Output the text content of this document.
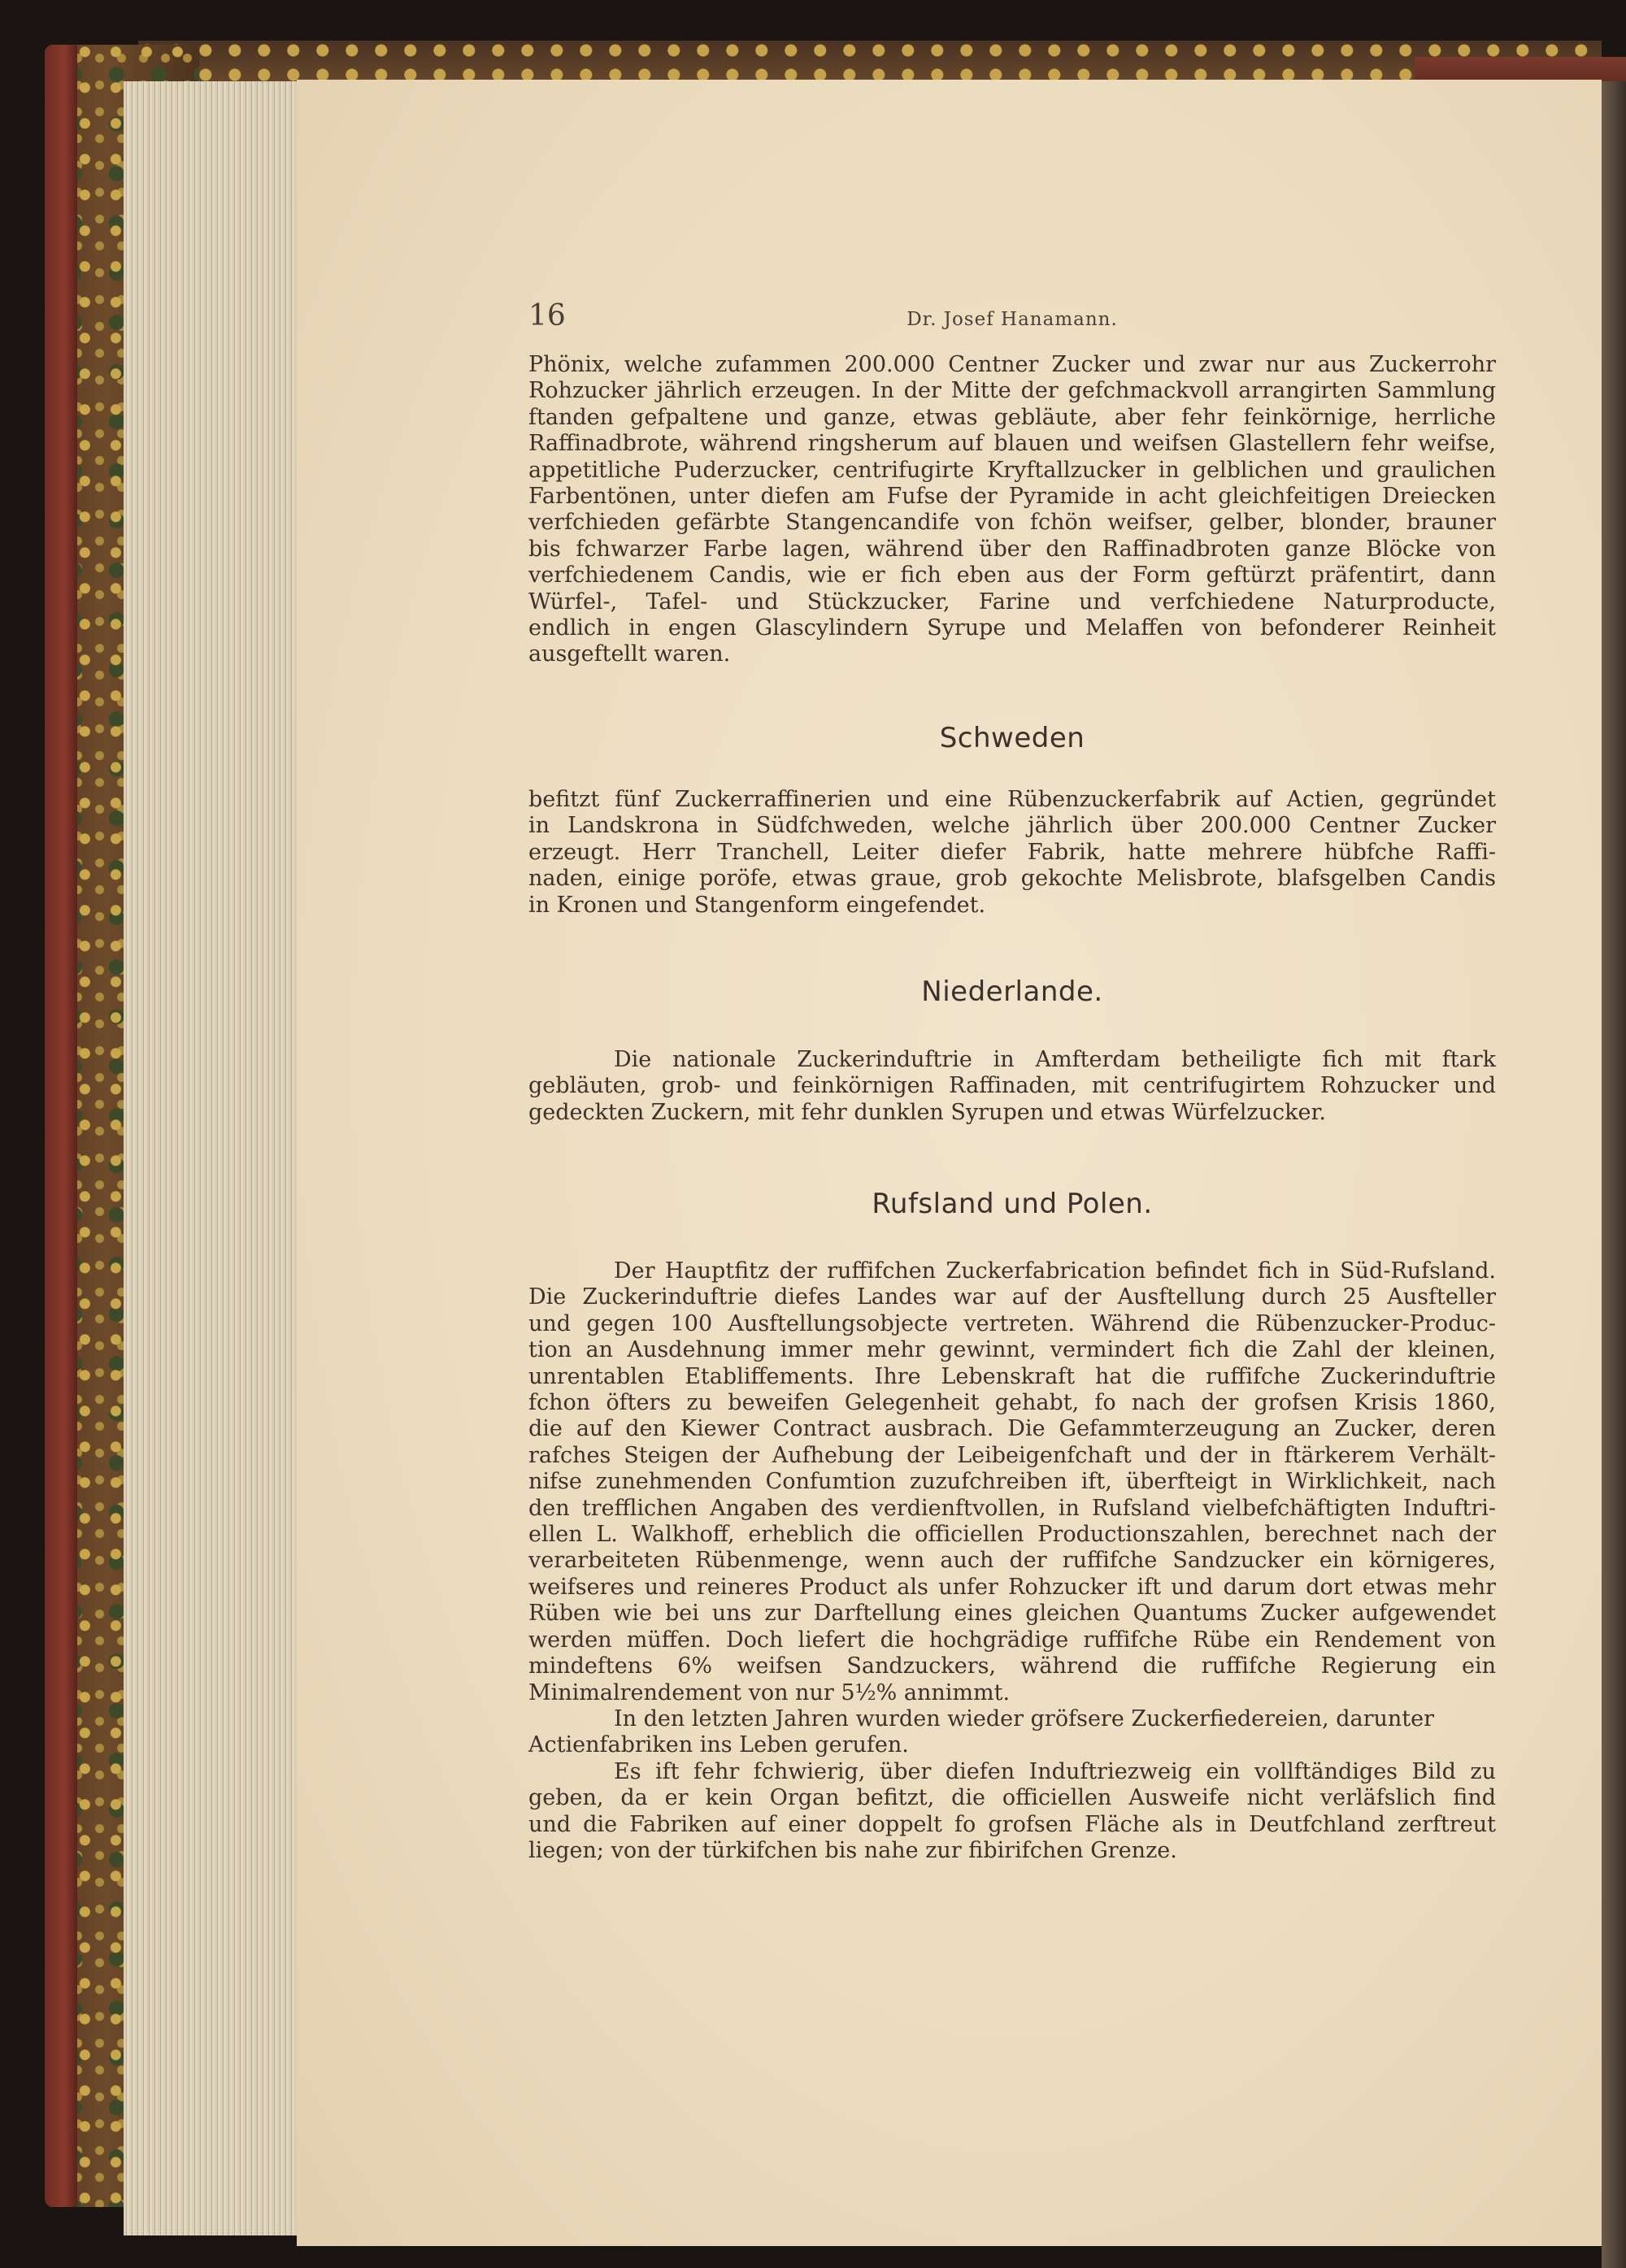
16	Dr. Josef Hanamann.

Phönix, welche zufammen 200.000 Centner Zucker und zwar nur aus Zuckerrohr

Rohzucker jährlich erzeugen. In der Mitte der gefchmackvoll arrangirten Sammlung

ftanden gefpaltene und ganze, etwas gebläute, aber fehr feinkörnige, herrliche

Raffinadbrote, während ringsherum auf blauen und weifsen Glastellern fehr weifse,

appetitliche Puderzucker, centrifugirte Kryftallzucker in gelblichen und graulichen

Farbentönen, unter diefen am Fufse der Pyramide in acht gleichfeitigen Dreiecken

verfchieden gefärbte Stangencandife von fchön weifser, gelber, blonder, brauner

bis fchwarzer Farbe lagen, während über den Raffinadbroten ganze Blöcke von

verfchiedenem Candis, wie er fich eben aus der Form geftürzt präfentirt, dann

Würfel-, Tafel- und Stückzucker, Farine und verfchiedene Naturproducte,

endlich in engen Glascylindern Syrupe und Melaffen von befonderer Reinheit

ausgeftellt waren.

Schweden

befitzt fünf Zuckerraffinerien und eine Rübenzuckerfabrik auf Actien, gegründet

in Landskrona in Südfchweden, welche jährlich über 200.000 Centner Zucker

erzeugt. Herr Tranchell, Leiter diefer Fabrik, hatte mehrere hübfche Raffi-

naden, einige poröfe, etwas graue, grob gekochte Melisbrote, blafsgelben Candis

in Kronen und Stangenform eingefendet.

Niederlande.

Die nationale Zuckerinduftrie in Amfterdam betheiligte fich mit ftark

gebläuten, grob- und feinkörnigen Raffinaden, mit centrifugirtem Rohzucker und

gedeckten Zuckern, mit fehr dunklen Syrupen und etwas Würfelzucker.

Rufsland und Polen.

Der Hauptfitz der ruffifchen Zuckerfabrication befindet fich in Süd-Rufsland.

Die Zuckerinduftrie diefes Landes war auf der Ausftellung durch 25 Ausfteller

und gegen 100 Ausftellungsobjecte vertreten. Während die Rübenzucker-Produc-

tion an Ausdehnung immer mehr gewinnt, vermindert fich die Zahl der kleinen,

unrentablen Etabliffements. Ihre Lebenskraft hat die ruffifche Zuckerinduftrie

fchon öfters zu beweifen Gelegenheit gehabt, fo nach der grofsen Krisis 1860,

die auf den Kiewer Contract ausbrach. Die Gefammterzeugung an Zucker, deren

rafches Steigen der Aufhebung der Leibeigenfchaft und der in ftärkerem Verhält-

nifse zunehmenden Confumtion zuzufchreiben ift, überfteigt in Wirklichkeit, nach

den trefflichen Angaben des verdienftvollen, in Rufsland vielbefchäftigten Induftri-

ellen L. Walkhoff, erheblich die officiellen Productionszahlen, berechnet nach der

verarbeiteten Rübenmenge, wenn auch der ruffifche Sandzucker ein körnigeres,

weifseres und reineres Product als unfer Rohzucker ift und darum dort etwas mehr

Rüben wie bei uns zur Darftellung eines gleichen Quantums Zucker aufgewendet

werden müffen. Doch liefert die hochgrädige ruffifche Rübe ein Rendement von

mindeftens 6% weifsen Sandzuckers, während die ruffifche Regierung ein

Minimalrendement von nur 5½% annimmt.

In den letzten Jahren wurden wieder gröfsere Zuckerfiedereien, darunter

Actienfabriken ins Leben gerufen.

Es ift fehr fchwierig, über diefen Induftriezweig ein vollftändiges Bild zu

geben, da er kein Organ befitzt, die officiellen Ausweife nicht verläfslich find

und die Fabriken auf einer doppelt fo grofsen Fläche als in Deutfchland zerftreut

liegen; von der türkifchen bis nahe zur fibirifchen Grenze.
